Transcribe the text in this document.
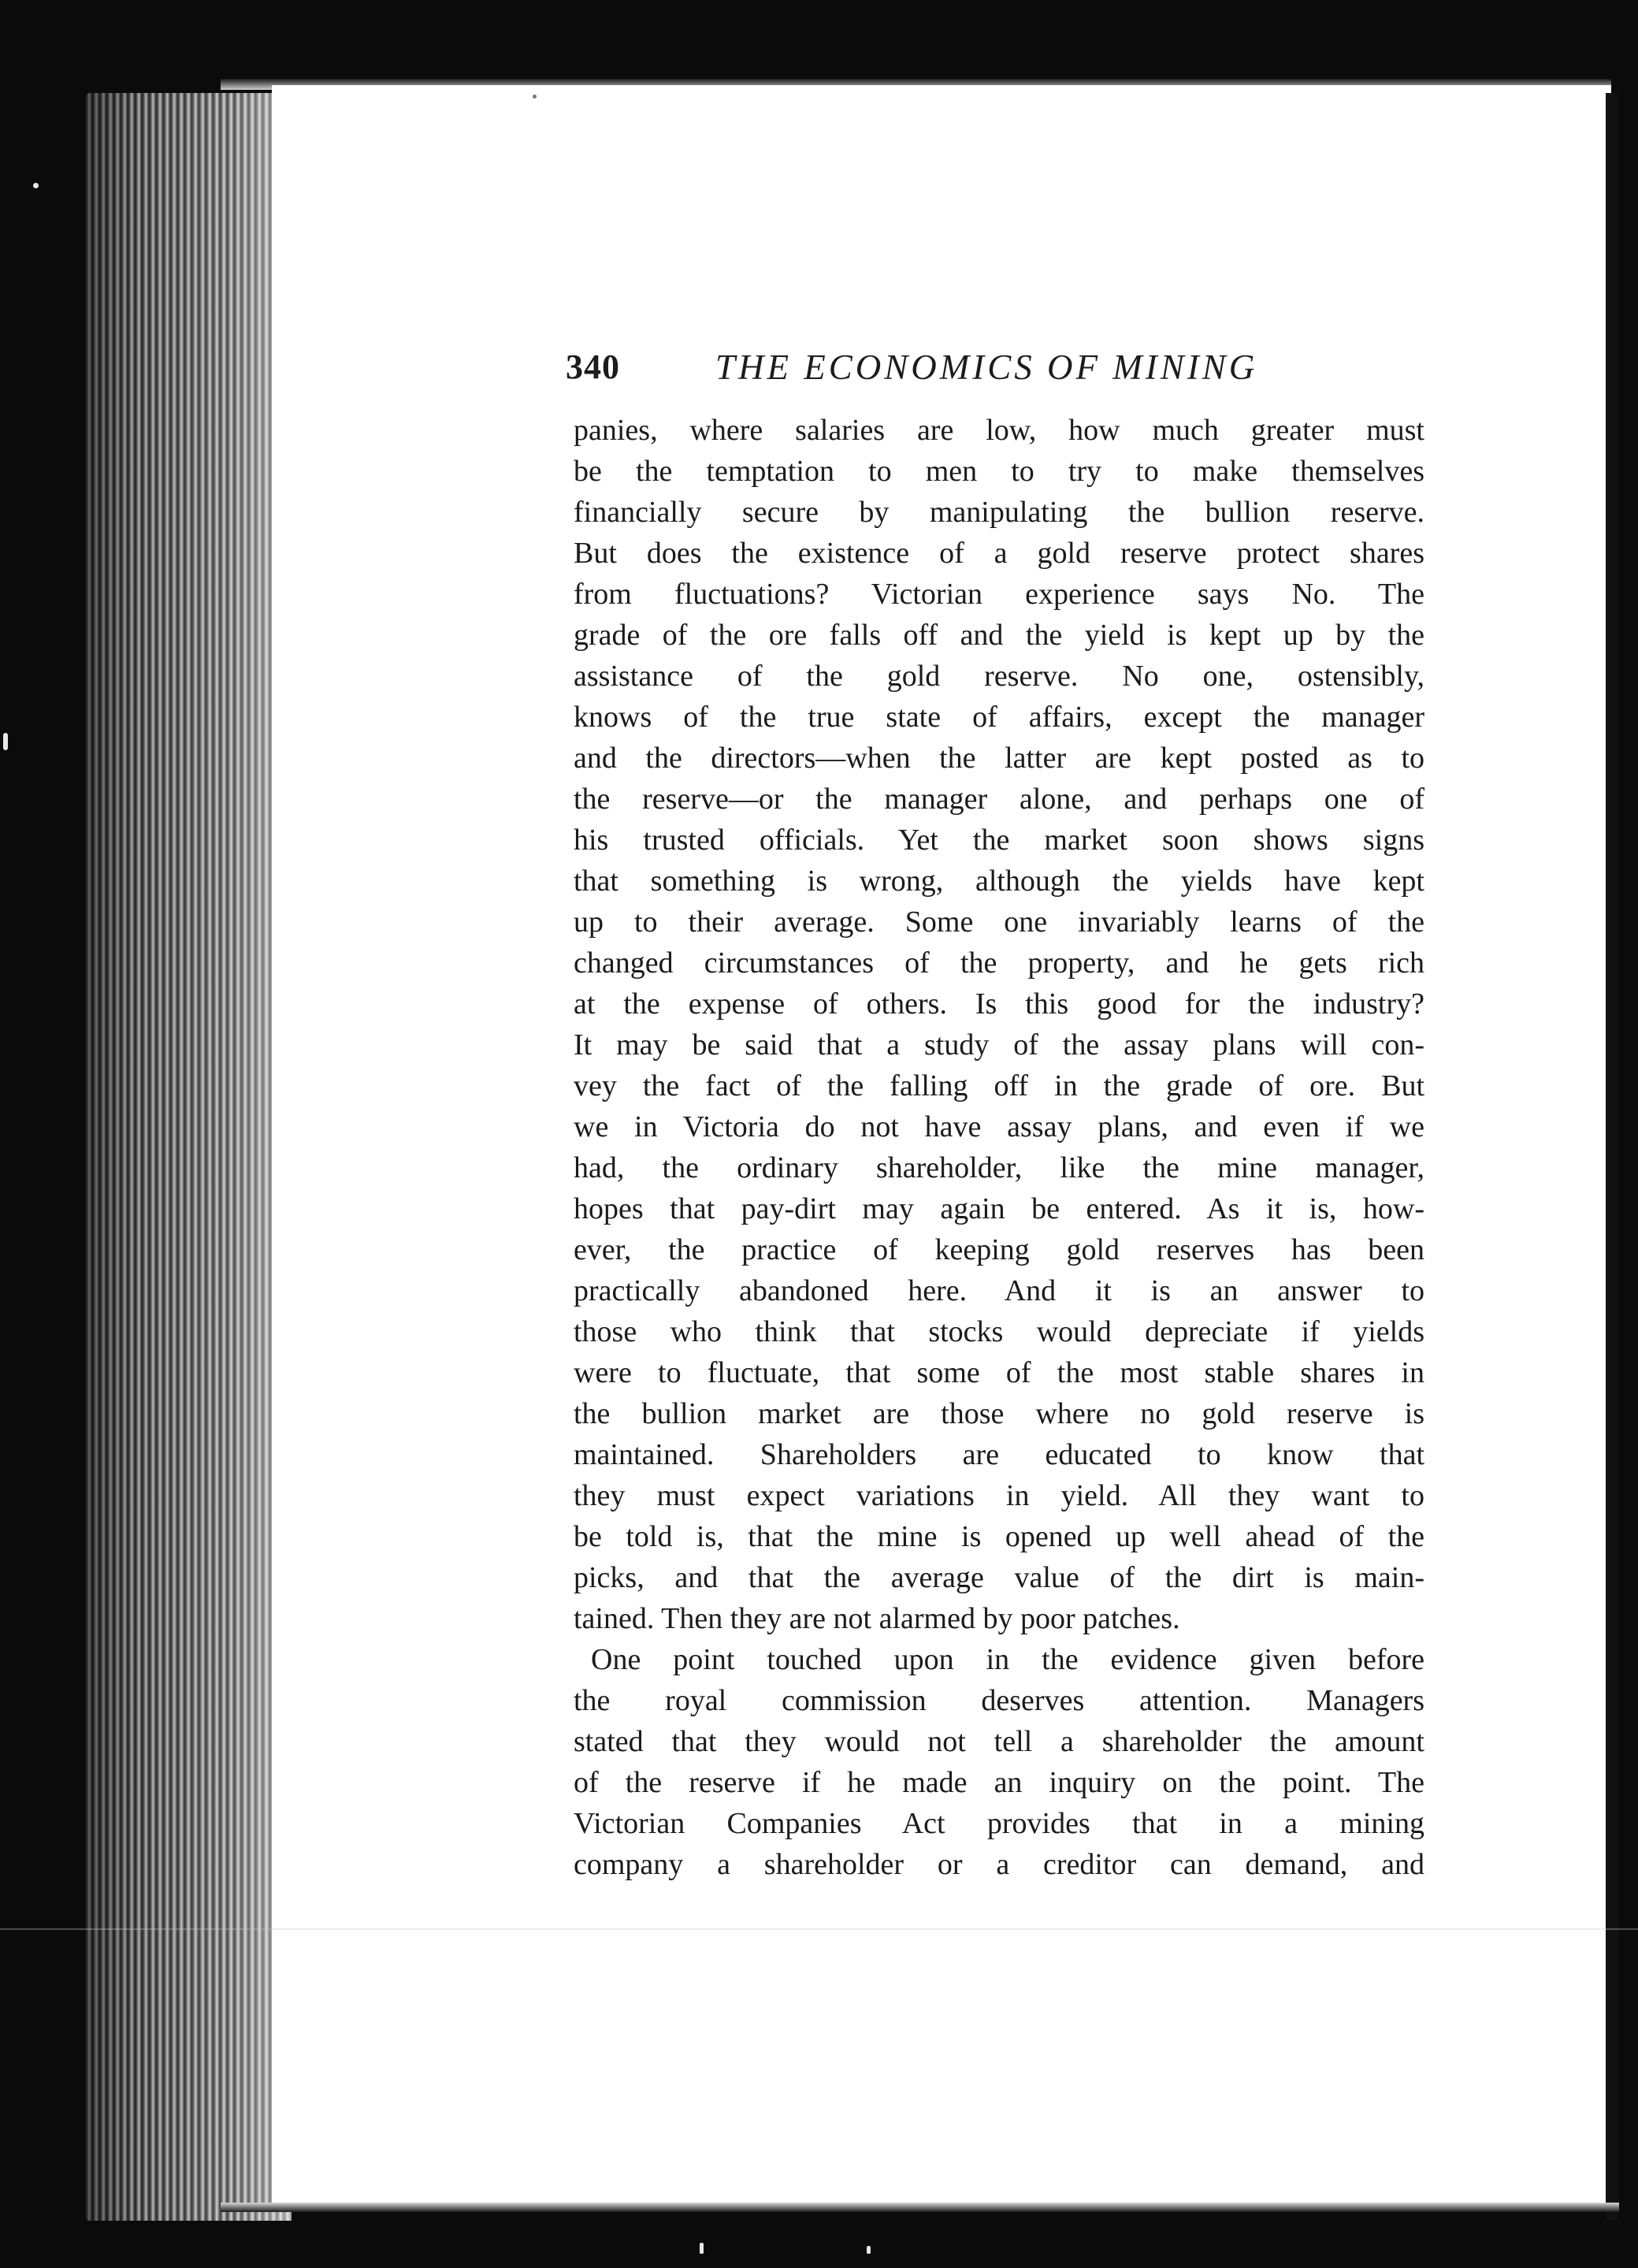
340	THE ECONOMICS OF MINING

panies, where salaries are low, how much greater must
be the temptation to men to try to make themselves
financially secure by manipulating the bullion reserve.
But does the existence of a gold reserve protect shares
from fluctuations? Victorian experience says No. The
grade of the ore falls off and the yield is kept up by the
assistance of the gold reserve. No one, ostensibly,
knows of the true state of affairs, except the manager
and the directors—when the latter are kept posted as to
the reserve—or the manager alone, and perhaps one of
his trusted officials. Yet the market soon shows signs
that something is wrong, although the yields have kept
up to their average. Some one invariably learns of the
changed circumstances of the property, and he gets rich
at the expense of others. Is this good for the industry?
It may be said that a study of the assay plans will con-
vey the fact of the falling off in the grade of ore. But
we in Victoria do not have assay plans, and even if we
had, the ordinary shareholder, like the mine manager,
hopes that pay-dirt may again be entered. As it is, how-
ever, the practice of keeping gold reserves has been
practically abandoned here. And it is an answer to
those who think that stocks would depreciate if yields
were to fluctuate, that some of the most stable shares in
the bullion market are those where no gold reserve is
maintained. Shareholders are educated to know that
they must expect variations in yield. All they want to
be told is, that the mine is opened up well ahead of the
picks, and that the average value of the dirt is main-
tained. Then they are not alarmed by poor patches.

One point touched upon in the evidence given before
the royal commission deserves attention. Managers
stated that they would not tell a shareholder the amount
of the reserve if he made an inquiry on the point. The
Victorian Companies Act provides that in a mining
company a shareholder or a creditor can demand, and
